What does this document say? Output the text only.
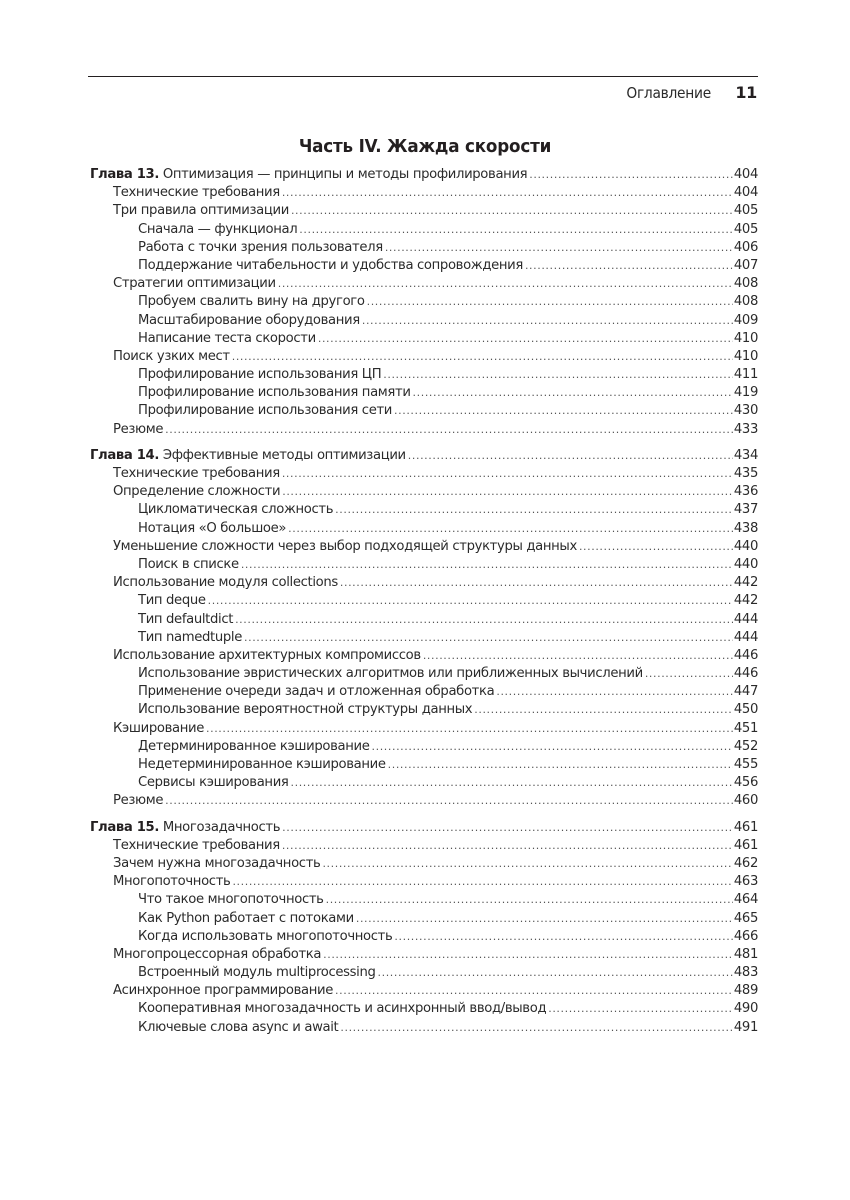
Оглавление 11
Часть IV. Жажда скорости
Глава 13. Оптимизация — принципы и методы профилирования .....	404
Технические требования .....	404
Три правила оптимизации .....	405
Сначала — функционал .....	405
Работа с точки зрения пользователя .....	406
Поддержание читабельности и удобства сопровождения .....	407
Стратегии оптимизации .....	408
Пробуем свалить вину на другого .....	408
Масштабирование оборудования .....	409
Написание теста скорости .....	410
Поиск узких мест .....	410
Профилирование использования ЦП .....	411
Профилирование использования памяти .....	419
Профилирование использования сети .....	430
Резюме .....	433
Глава 14. Эффективные методы оптимизации .....	434
Технические требования .....	435
Определение сложности .....	436
Цикломатическая сложность .....	437
Нотация «О большое» .....	438
Уменьшение сложности через выбор подходящей структуры данных .....	440
Поиск в списке .....	440
Использование модуля collections .....	442
Тип deque .....	442
Тип defaultdict .....	444
Тип namedtuple .....	444
Использование архитектурных компромиссов .....	446
Использование эвристических алгоритмов или приближенных вычислений .....	446
Применение очереди задач и отложенная обработка .....	447
Использование вероятностной структуры данных .....	450
Кэширование .....	451
Детерминированное кэширование .....	452
Недетерминированное кэширование .....	455
Сервисы кэширования .....	456
Резюме .....	460
Глава 15. Многозадачность .....	461
Технические требования .....	461
Зачем нужна многозадачность .....	462
Многопоточность .....	463
Что такое многопоточность .....	464
Как Python работает с потоками .....	465
Когда использовать многопоточность .....	466
Многопроцессорная обработка .....	481
Встроенный модуль multiprocessing .....	483
Асинхронное программирование .....	489
Кооперативная многозадачность и асинхронный ввод/вывод .....	490
Ключевые слова async и await .....	491
